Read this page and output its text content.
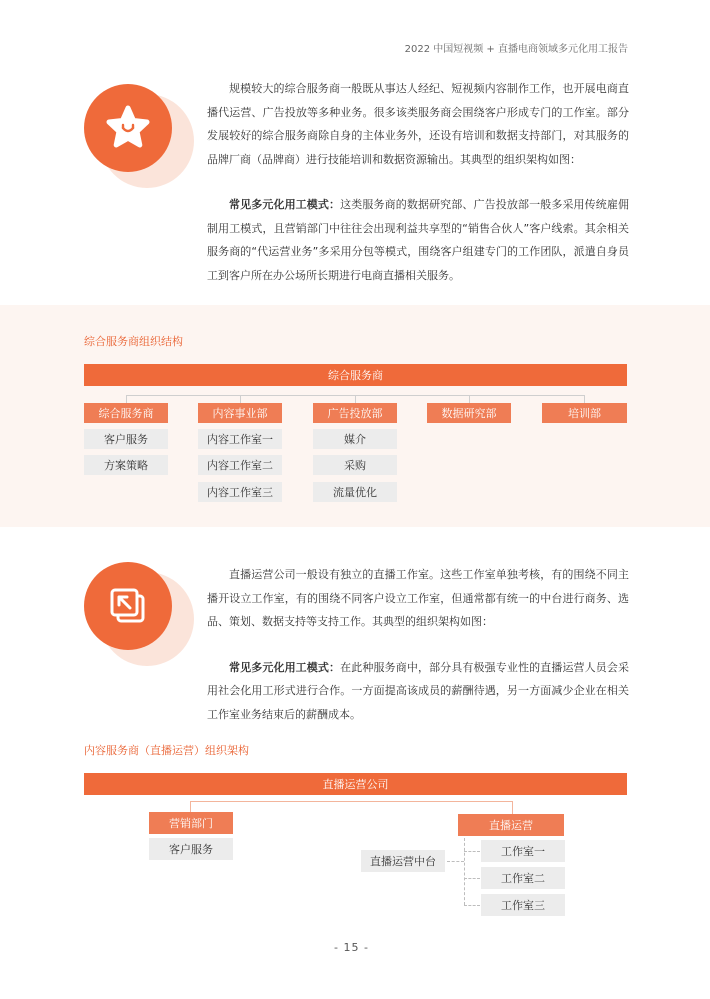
2022 中国短视频 + 直播电商领域多元化用工报告

规模较大的综合服务商一般既从事达人经纪、短视频内容制作工作，也开展电商直播代运营、广告投放等多种业务。很多该类服务商会围绕客户形成专门的工作室。部分发展较好的综合服务商除自身的主体业务外，还设有培训和数据支持部门，对其服务的品牌厂商（品牌商）进行技能培训和数据资源输出。其典型的组织架构如图：

常见多元化用工模式：这类服务商的数据研究部、广告投放部一般多采用传统雇佣制用工模式，且营销部门中往往会出现利益共享型的“销售合伙人”客户线索。其余相关服务商的“代运营业务”多采用分包等模式，围绕客户组建专门的工作团队，派遣自身员工到客户所在办公场所长期进行电商直播相关服务。

综合服务商组织结构
综合服务商
综合服务商	内容事业部	广告投放部	数据研究部	培训部
客户服务
方案策略
内容工作室一
内容工作室二
内容工作室三
媒介
采购
流量优化

直播运营公司一般设有独立的直播工作室。这些工作室单独考核，有的围绕不同主播开设立工作室，有的围绕不同客户设立工作室，但通常都有统一的中台进行商务、选品、策划、数据支持等支持工作。其典型的组织架构如图：

常见多元化用工模式：在此种服务商中，部分具有极强专业性的直播运营人员会采用社会化用工形式进行合作。一方面提高该成员的薪酬待遇，另一方面减少企业在相关工作室业务结束后的薪酬成本。

内容服务商（直播运营）组织架构
直播运营公司
营销部门
客户服务
直播运营
直播运营中台
工作室一
工作室二
工作室三
- 15 -
